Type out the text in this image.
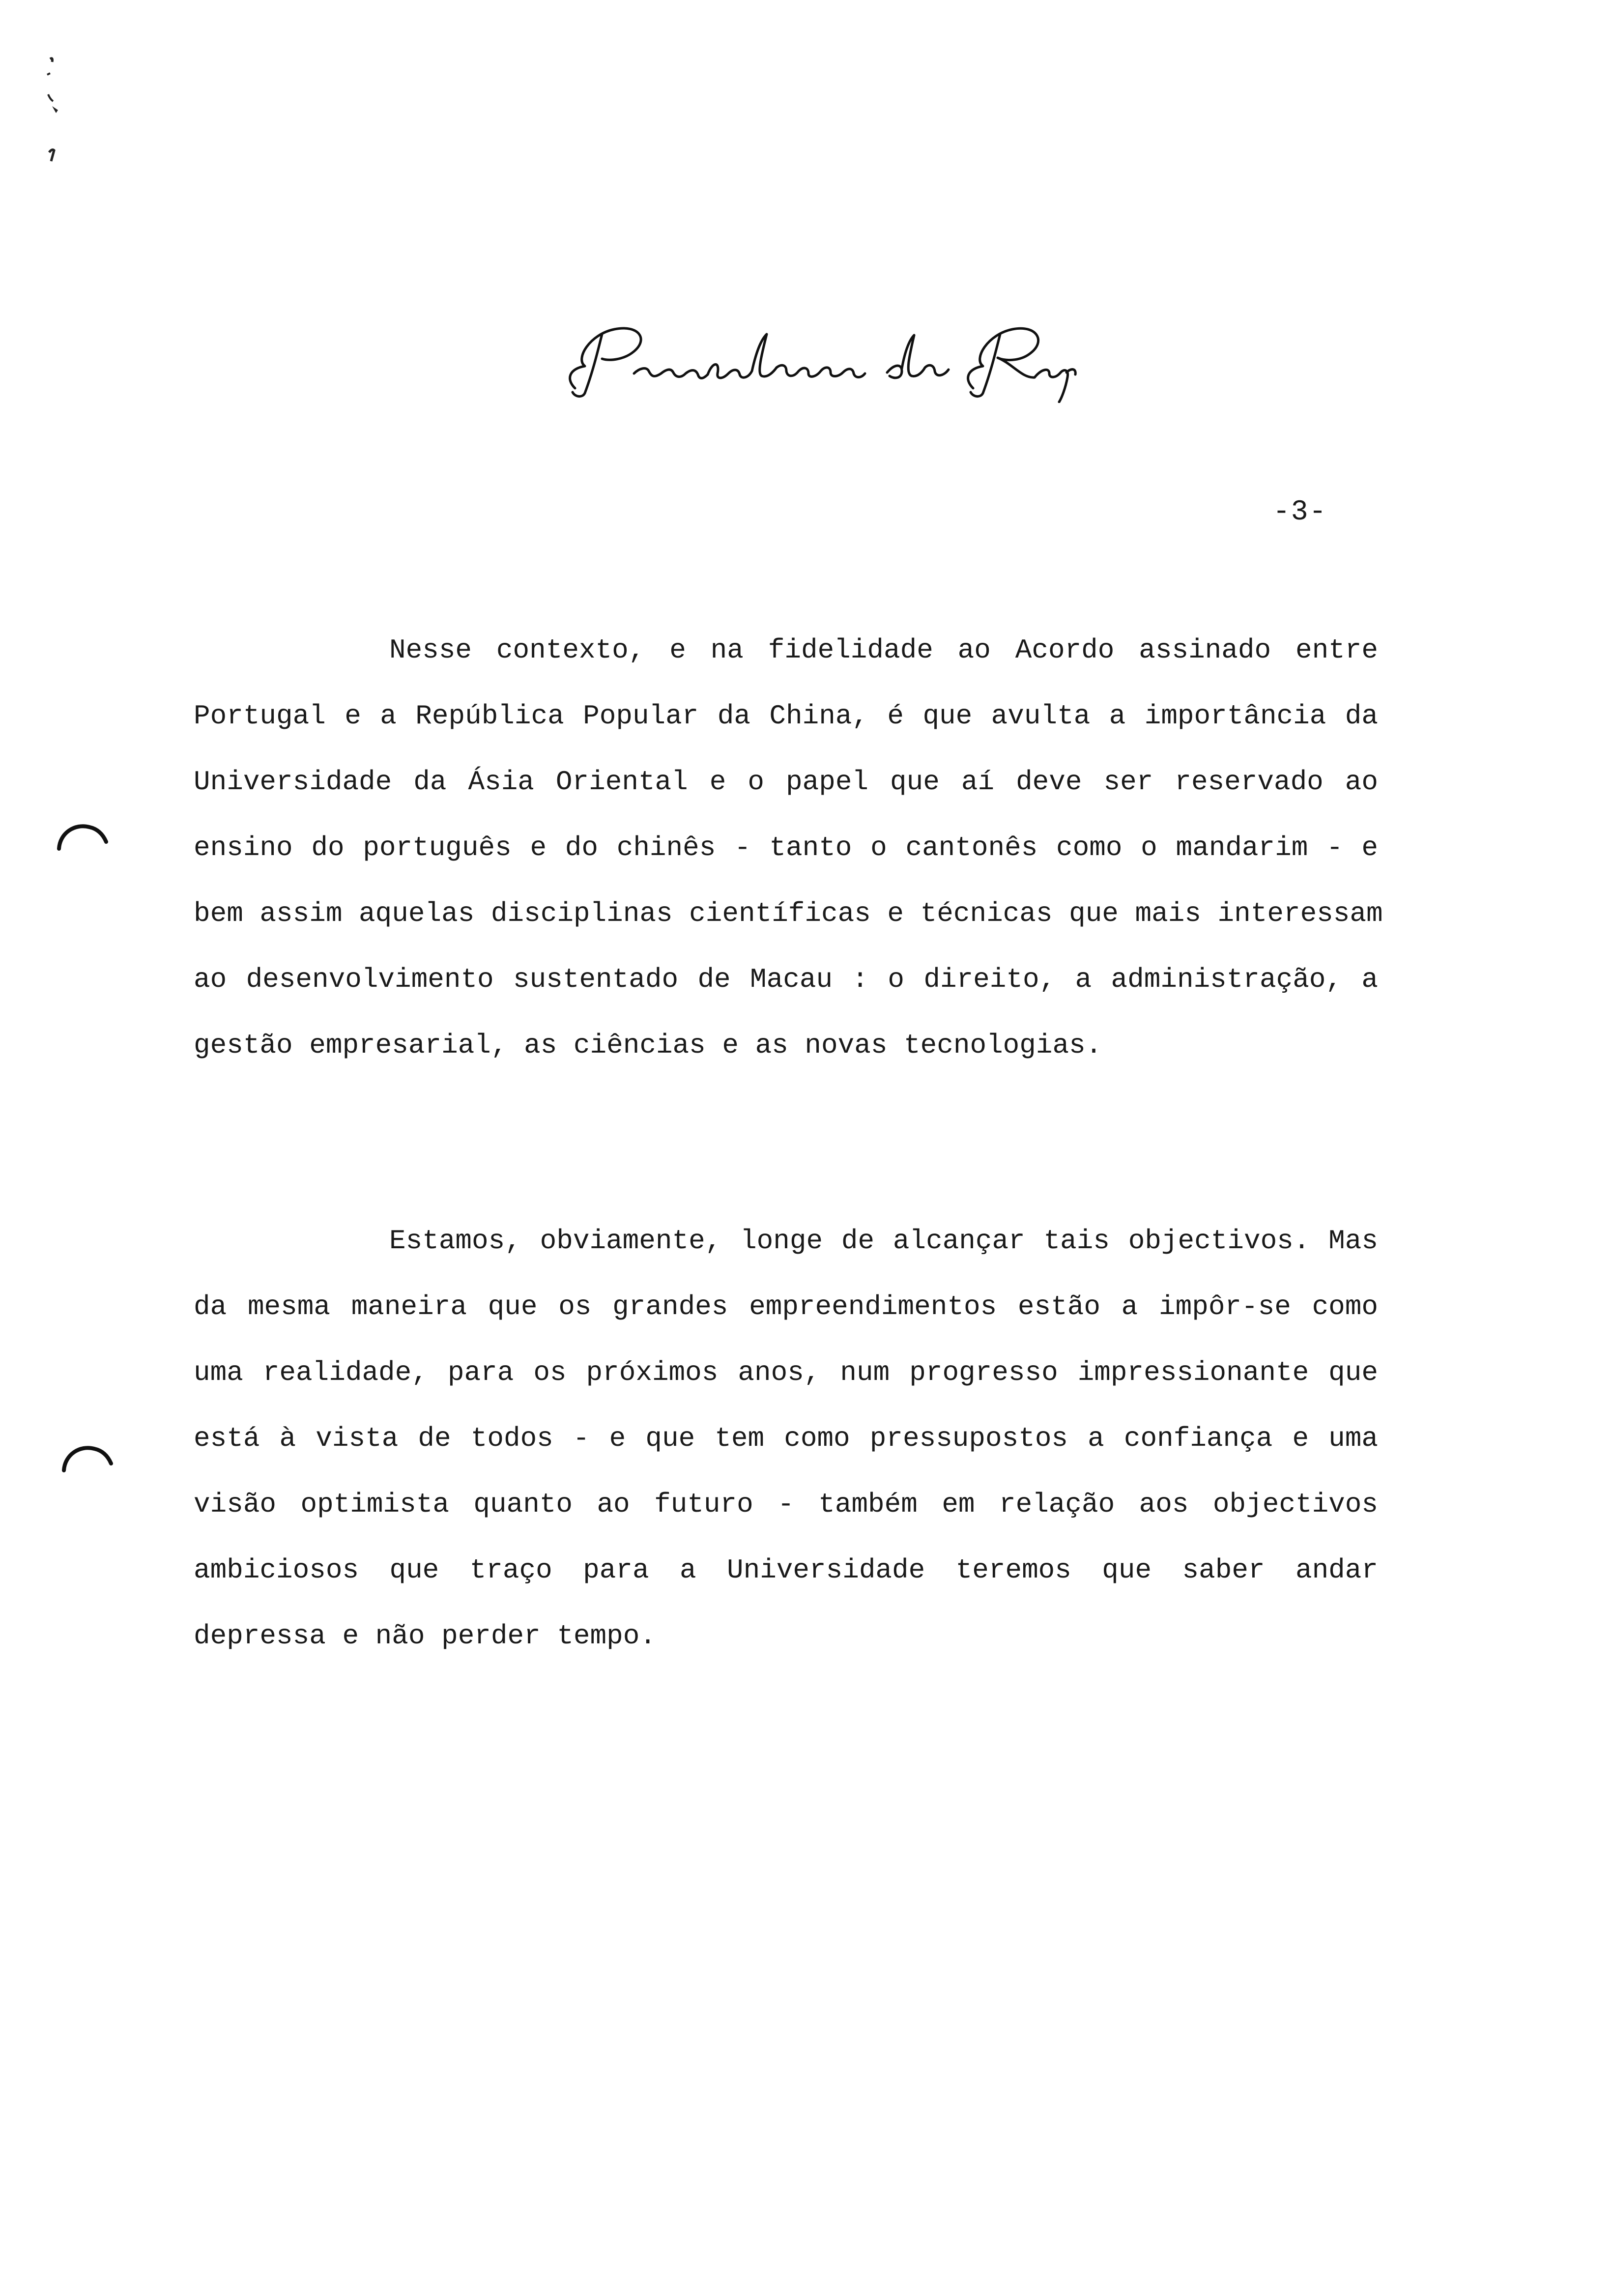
-3-
Nesse contexto, e na fidelidade ao Acordo assinado entre
Portugal e a República Popular da China, é que avulta a importância da
Universidade da Ásia Oriental e o papel que aí deve ser reservado ao
ensino do português e do chinês - tanto o cantonês como o mandarim - e
bem assim aquelas disciplinas científicas e técnicas que mais interessam
ao desenvolvimento sustentado de Macau : o direito, a administração, a
gestão empresarial, as ciências e as novas tecnologias.
Estamos, obviamente, longe de alcançar tais objectivos. Mas
da mesma maneira que os grandes empreendimentos estão a impôr-se como
uma realidade, para os próximos anos, num progresso impressionante que
está à vista de todos - e que tem como pressupostos a confiança e uma
visão optimista quanto ao futuro - também em relação aos objectivos
ambiciosos que traço para a Universidade teremos que saber andar
depressa e não perder tempo.
